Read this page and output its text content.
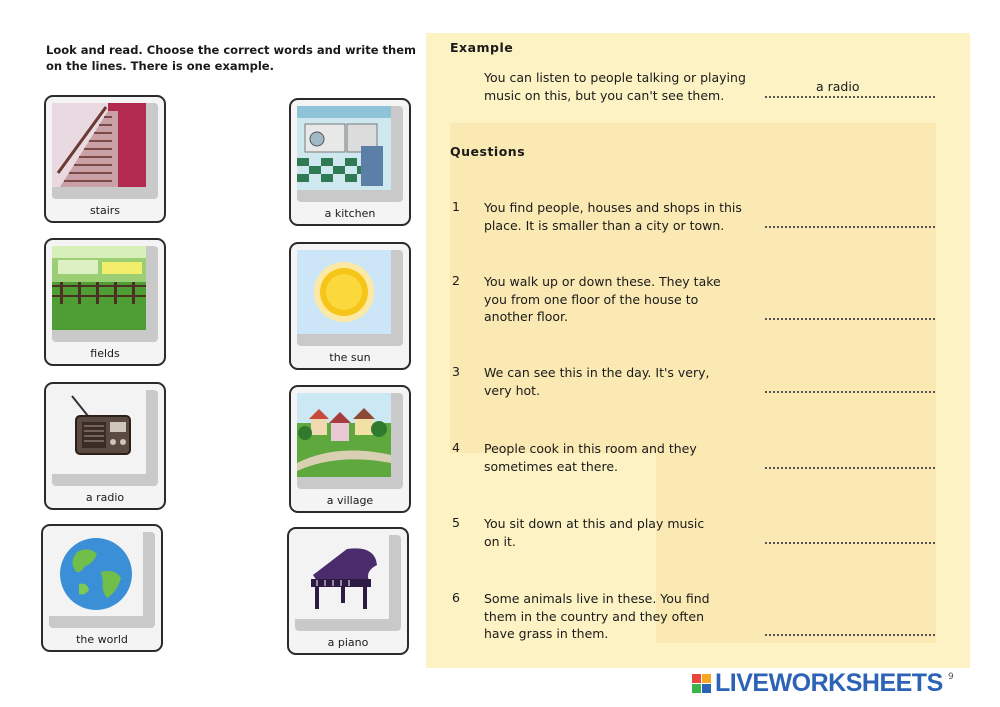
Look and read. Choose the correct words and write them on the lines. There is one example.
stairs	a kitchen
fields	the sun
a radio	a village
the world	a piano
Example
You can listen to people talking or playing music on this, but you can't see them.
a radio
Questions
1 You find people, houses and shops in this place. It is smaller than a city or town.
2 You walk up or down these. They take you from one floor of the house to another floor.
3 We can see this in the day. It's very, very hot.
4 People cook in this room and they sometimes eat there.
5 You sit down at this and play music on it.
6 Some animals live in these. You find them in the country and they often have grass in them.
LIVEWORKSHEETS 9
